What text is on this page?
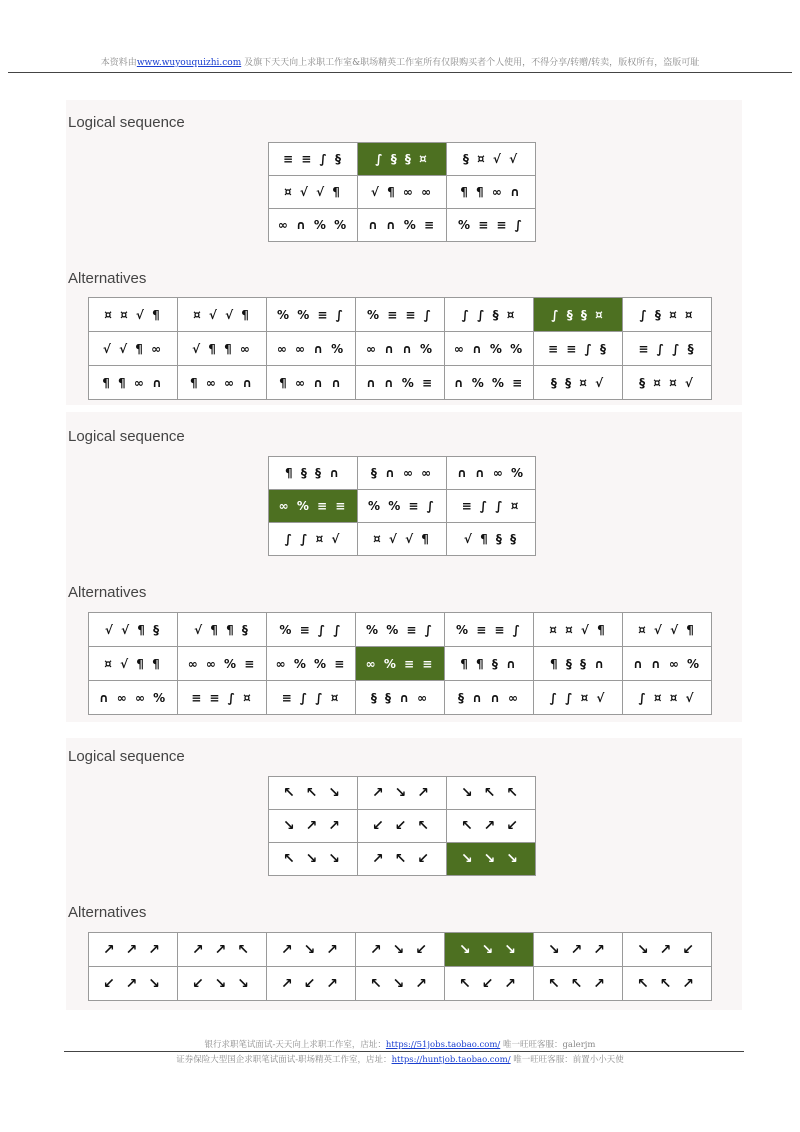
本资料由www.wuyouquizhi.com 及旗下天天向上求职工作室&职场精英工作室所有仅限购买者个人使用，不得分享/转赠/转卖，版权所有，盗版可耻
Logical sequence
≡ ≡ ∫ §	∫ § § ¤	§ ¤ √ √
¤ √ √ ¶	√ ¶ ∞ ∞	¶ ¶ ∞ ∩
∞ ∩ % %	∩ ∩ % ≡	% ≡ ≡ ∫
Alternatives
¤ ¤ √ ¶	¤ √ √ ¶	% % ≡ ∫	% ≡ ≡ ∫	∫ ∫ § ¤	∫ § § ¤	∫ § ¤ ¤
√ √ ¶ ∞	√ ¶ ¶ ∞	∞ ∞ ∩ %	∞ ∩ ∩ %	∞ ∩ % %	≡ ≡ ∫ §	≡ ∫ ∫ §
¶ ¶ ∞ ∩	¶ ∞ ∞ ∩	¶ ∞ ∩ ∩	∩ ∩ % ≡	∩ % % ≡	§ § ¤ √	§ ¤ ¤ √
Logical sequence
¶ § § ∩	§ ∩ ∞ ∞	∩ ∩ ∞ %
∞ % ≡ ≡	% % ≡ ∫	≡ ∫ ∫ ¤
∫ ∫ ¤ √	¤ √ √ ¶	√ ¶ § §
Alternatives
√ √ ¶ §	√ ¶ ¶ §	% ≡ ∫ ∫	% % ≡ ∫	% ≡ ≡ ∫	¤ ¤ √ ¶	¤ √ √ ¶
¤ √ ¶ ¶	∞ ∞ % ≡	∞ % % ≡	∞ % ≡ ≡	¶ ¶ § ∩	¶ § § ∩	∩ ∩ ∞ %
∩ ∞ ∞ %	≡ ≡ ∫ ¤	≡ ∫ ∫ ¤	§ § ∩ ∞	§ ∩ ∩ ∞	∫ ∫ ¤ √	∫ ¤ ¤ √
Logical sequence
↖ ↖ ↘	↗ ↘ ↗	↘ ↖ ↖
↘ ↗ ↗	↙ ↙ ↖	↖ ↗ ↙
↖ ↘ ↘	↗ ↖ ↙	↘ ↘ ↘
Alternatives
↗ ↗ ↗	↗ ↗ ↖	↗ ↘ ↗	↗ ↘ ↙	↘ ↘ ↘	↘ ↗ ↗	↘ ↗ ↙
↙ ↗ ↘	↙ ↘ ↘	↗ ↙ ↗	↖ ↘ ↗	↖ ↙ ↗	↖ ↖ ↗	↖ ↖ ↗
银行求职笔试面试-天天向上求职工作室，店址：https://51jobs.taobao.com/ 唯一旺旺客服：galerjm
证券保险大型国企求职笔试面试-职场精英工作室，店址：https://huntjob.taobao.com/ 唯一旺旺客服：前置小小天使
